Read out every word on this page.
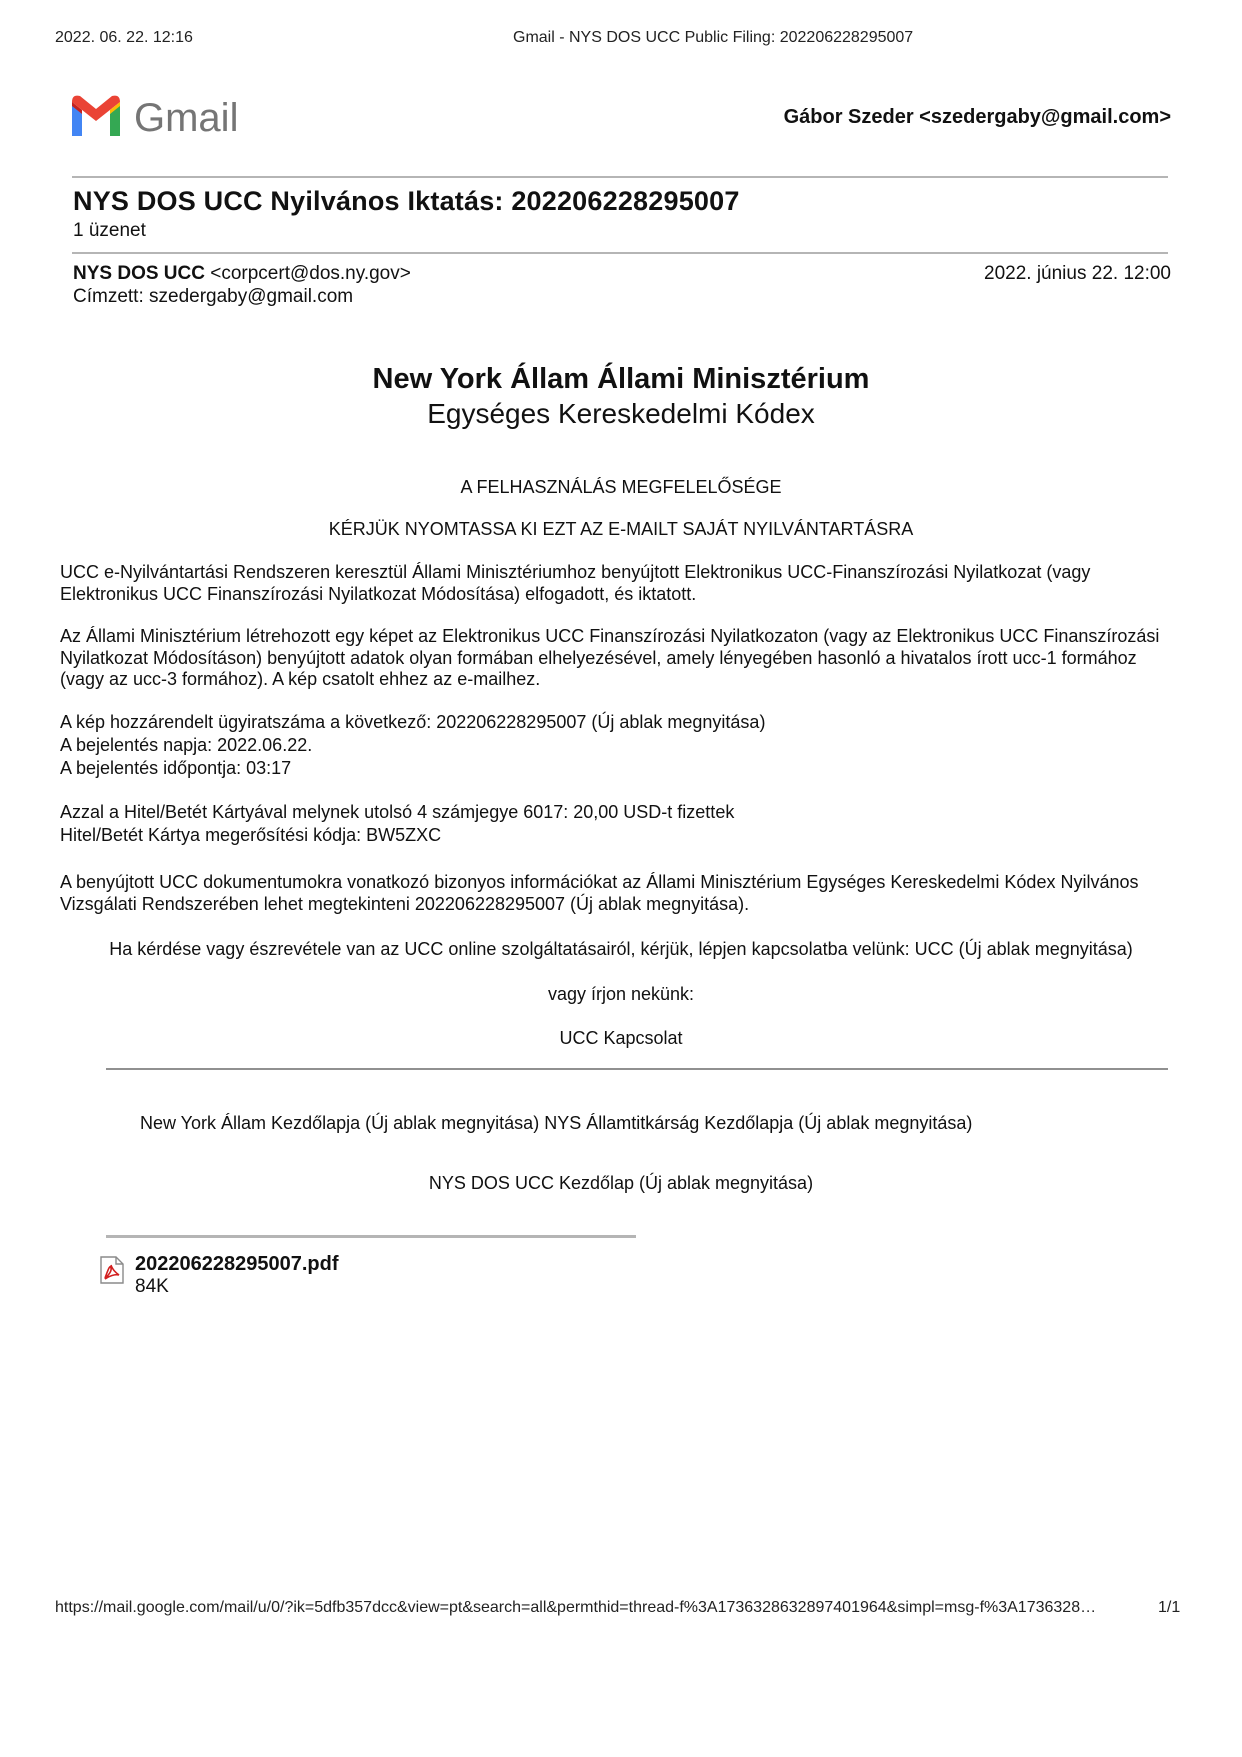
2022. 06. 22. 12:16	Gmail - NYS DOS UCC Public Filing: 202206228295007
Gmail	Gábor Szeder <szedergaby@gmail.com>
NYS DOS UCC Nyilvános Iktatás: 202206228295007
1 üzenet
NYS DOS UCC <corpcert@dos.ny.gov>
Címzett: szedergaby@gmail.com
2022. június 22. 12:00
New York Állam Állami Minisztérium
Egységes Kereskedelmi Kódex
A FELHASZNÁLÁS MEGFELELŐSÉGE
KÉRJÜK NYOMTASSA KI EZT AZ E-MAILT SAJÁT NYILVÁNTARTÁSRA
UCC e-Nyilvántartási Rendszeren keresztül Állami Minisztériumhoz benyújtott Elektronikus UCC-Finanszírozási Nyilatkozat (vagy Elektronikus UCC Finanszírozási Nyilatkozat Módosítása) elfogadott, és iktatott.
Az Állami Minisztérium létrehozott egy képet az Elektronikus UCC Finanszírozási Nyilatkozaton (vagy az Elektronikus UCC Finanszírozási Nyilatkozat Módosításon) benyújtott adatok olyan formában elhelyezésével, amely lényegében hasonló a hivatalos írott ucc-1 formához (vagy az ucc-3 formához). A kép csatolt ehhez az e-mailhez.
A kép hozzárendelt ügyiratszáma a következő: 202206228295007 (Új ablak megnyitása)
A bejelentés napja: 2022.06.22.
A bejelentés időpontja: 03:17
Azzal a Hitel/Betét Kártyával melynek utolsó 4 számjegye 6017: 20,00 USD-t fizettek
Hitel/Betét Kártya megerősítési kódja: BW5ZXC
A benyújtott UCC dokumentumokra vonatkozó bizonyos információkat az Állami Minisztérium Egységes Kereskedelmi Kódex Nyilvános Vizsgálati Rendszerében lehet megtekinteni 202206228295007 (Új ablak megnyitása).
Ha kérdése vagy észrevétele van az UCC online szolgáltatásairól, kérjük, lépjen kapcsolatba velünk: UCC (Új ablak megnyitása)
vagy írjon nekünk:
UCC Kapcsolat
New York Állam Kezdőlapja (Új ablak megnyitása) NYS Államtitkárság Kezdőlapja (Új ablak megnyitása)
NYS DOS UCC Kezdőlap (Új ablak megnyitása)
202206228295007.pdf
84K
https://mail.google.com/mail/u/0/?ik=5dfb357dcc&view=pt&search=all&permthid=thread-f%3A1736328632897401964&simpl=msg-f%3A1736328…	1/1
